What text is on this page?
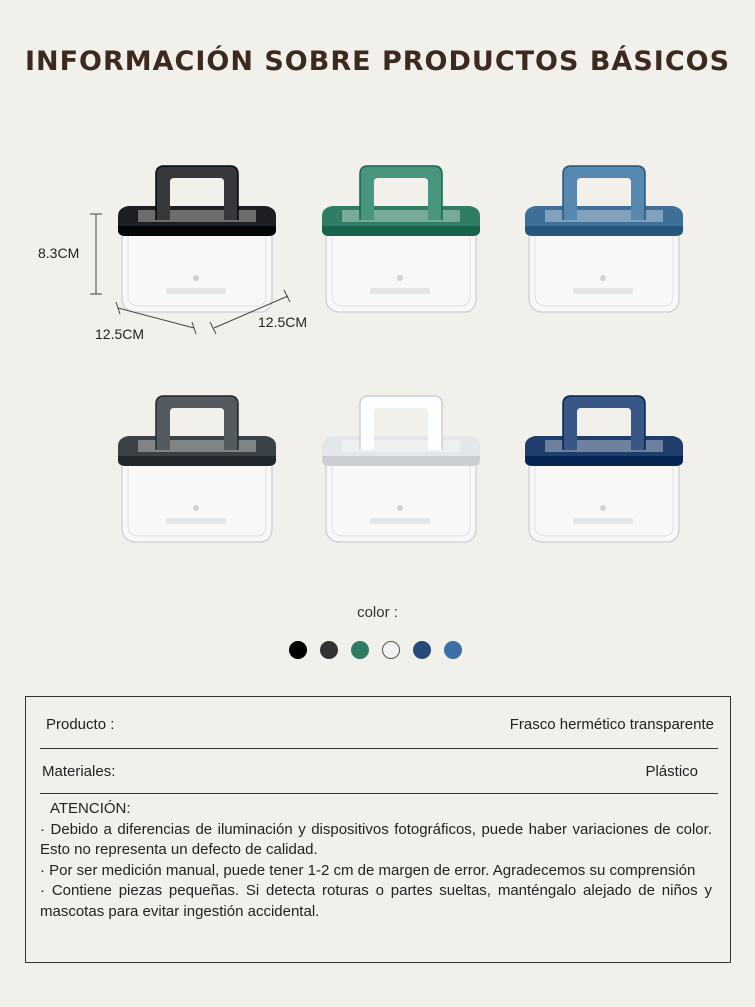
INFORMACIÓN SOBRE PRODUCTOS BÁSICOS
8.3CM
12.5CM
12.5CM
color :
Producto :	Frasco hermético transparente
Materiales:	Plástico
ATENCIÓN:
· Debido a diferencias de iluminación y dispositivos fotográficos, puede haber variaciones de color. Esto no representa un defecto de calidad.
· Por ser medición manual, puede tener 1-2 cm de margen de error. Agradecemos su comprensión
· Contiene piezas pequeñas. Si detecta roturas o partes sueltas, manténgalo alejado de niños y mascotas para evitar ingestión accidental.
